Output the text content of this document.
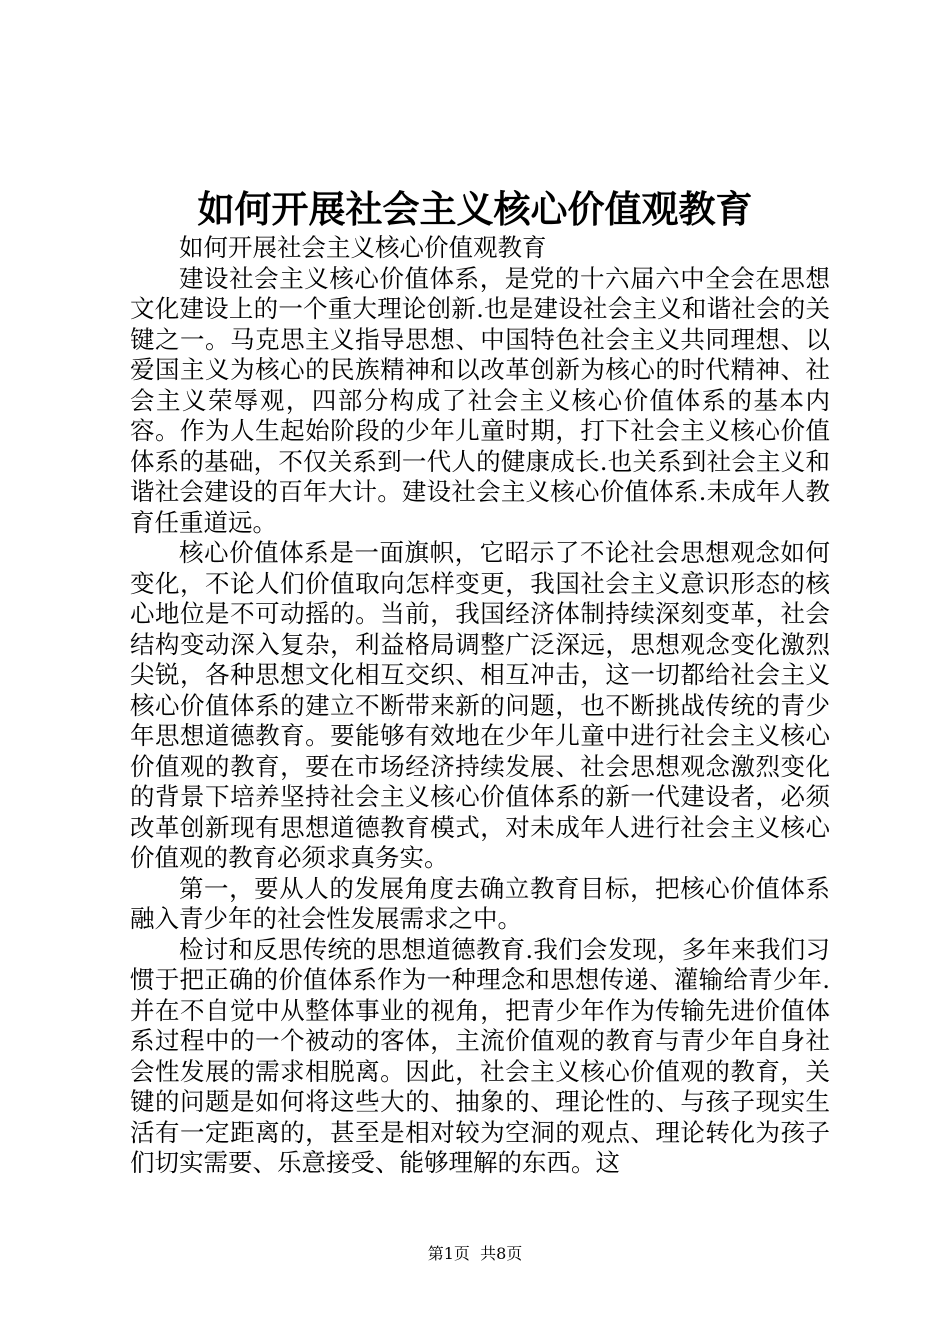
如何开展社会主义核心价值观教育

如何开展社会主义核心价值观教育

建设社会主义核心价值体系，是党的十六届六中全会在思想文化建设上的一个重大理论创新.也是建设社会主义和谐社会的关键之一。马克思主义指导思想、中国特色社会主义共同理想、以爱国主义为核心的民族精神和以改革创新为核心的时代精神、社会主义荣辱观，四部分构成了社会主义核心价值体系的基本内容。作为人生起始阶段的少年儿童时期，打下社会主义核心价值体系的基础，不仅关系到一代人的健康成长.也关系到社会主义和谐社会建设的百年大计。建设社会主义核心价值体系.未成年人教育任重道远。

核心价值体系是一面旗帜，它昭示了不论社会思想观念如何变化，不论人们价值取向怎样变更，我国社会主义意识形态的核心地位是不可动摇的。当前，我国经济体制持续深刻变革，社会结构变动深入复杂，利益格局调整广泛深远，思想观念变化激烈尖锐，各种思想文化相互交织、相互冲击，这一切都给社会主义核心价值体系的建立不断带来新的问题，也不断挑战传统的青少年思想道德教育。要能够有效地在少年儿童中进行社会主义核心价值观的教育，要在市场经济持续发展、社会思想观念激烈变化的背景下培养坚持社会主义核心价值体系的新一代建设者，必须改革创新现有思想道德教育模式，对未成年人进行社会主义核心价值观的教育必须求真务实。

第一，要从人的发展角度去确立教育目标，把核心价值体系融入青少年的社会性发展需求之中。

检讨和反思传统的思想道德教育.我们会发现，多年来我们习惯于把正确的价值体系作为一种理念和思想传递、灌输给青少年.并在不自觉中从整体事业的视角，把青少年作为传输先进价值体系过程中的一个被动的客体，主流价值观的教育与青少年自身社会性发展的需求相脱离。因此，社会主义核心价值观的教育，关键的问题是如何将这些大的、抽象的、理论性的、与孩子现实生活有一定距离的，甚至是相对较为空洞的观点、理论转化为孩子们切实需要、乐意接受、能够理解的东西。这

第1页 共8页
